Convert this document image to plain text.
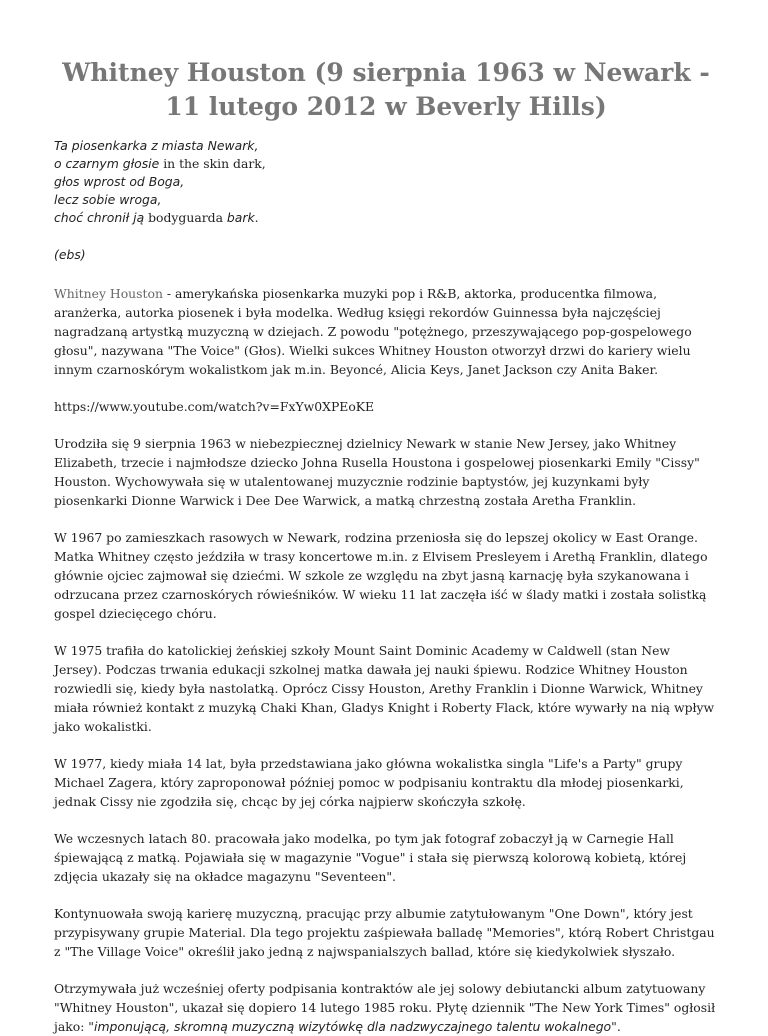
Whitney Houston (9 sierpnia 1963 w Newark - 11 lutego 2012 w Beverly Hills)
Ta piosenkarka z miasta Newark,
o czarnym głosie in the skin dark,
głos wprost od Boga,
lecz sobie wroga,
choć chronił ją bodyguarda bark.
(ebs)

Whitney Houston - amerykańska piosenkarka muzyki pop i R&B, aktorka, producentka filmowa, aranżerka, autorka piosenek i była modelka. Według księgi rekordów Guinnessa była najczęściej nagradzaną artystką muzyczną w dziejach. Z powodu "potężnego, przeszywającego pop-gospelowego głosu", nazywana "The Voice" (Głos). Wielki sukces Whitney Houston otworzył drzwi do kariery wielu innym czarnoskórym wokalistkom jak m.in. Beyoncé, Alicia Keys, Janet Jackson czy Anita Baker.

https://www.youtube.com/watch?v=FxYw0XPEoKE

Urodziła się 9 sierpnia 1963 w niebezpiecznej dzielnicy Newark w stanie New Jersey, jako Whitney Elizabeth, trzecie i najmłodsze dziecko Johna Rusella Houstona i gospelowej piosenkarki Emily "Cissy" Houston. Wychowywała się w utalentowanej muzycznie rodzinie baptystów, jej kuzynkami były piosenkarki Dionne Warwick i Dee Dee Warwick, a matką chrzestną została Aretha Franklin.

W 1967 po zamieszkach rasowych w Newark, rodzina przeniosła się do lepszej okolicy w East Orange. Matka Whitney często jeździła w trasy koncertowe m.in. z Elvisem Presleyem i Arethą Franklin, dlatego głównie ojciec zajmował się dziećmi. W szkole ze względu na zbyt jasną karnację była szykanowana i odrzucana przez czarnoskórych rówieśników. W wieku 11 lat zaczęła iść w ślady matki i została solistką gospel dziecięcego chóru.

W 1975 trafiła do katolickiej żeńskiej szkoły Mount Saint Dominic Academy w Caldwell (stan New Jersey). Podczas trwania edukacji szkolnej matka dawała jej nauki śpiewu. Rodzice Whitney Houston rozwiedli się, kiedy była nastolatką. Oprócz Cissy Houston, Arethy Franklin i Dionne Warwick, Whitney miała również kontakt z muzyką Chaki Khan, Gladys Knight i Roberty Flack, które wywarły na nią wpływ jako wokalistki.

W 1977, kiedy miała 14 lat, była przedstawiana jako główna wokalistka singla "Life's a Party" grupy Michael Zagera, który zaproponował później pomoc w podpisaniu kontraktu dla młodej piosenkarki, jednak Cissy nie zgodziła się, chcąc by jej córka najpierw skończyła szkołę.

We wczesnych latach 80. pracowała jako modelka, po tym jak fotograf zobaczył ją w Carnegie Hall śpiewającą z matką. Pojawiała się w magazynie "Vogue" i stała się pierwszą kolorową kobietą, której zdjęcia ukazały się na okładce magazynu "Seventeen".

Kontynuowała swoją karierę muzyczną, pracując przy albumie zatytułowanym "One Down", który jest przypisywany grupie Material. Dla tego projektu zaśpiewała balladę "Memories", którą Robert Christgau z "The Village Voice" określił jako jedną z najwspanialszych ballad, które się kiedykolwiek słyszało.

Otrzymywała już wcześniej oferty podpisania kontraktów ale jej solowy debiutancki album zatytuowany "Whitney Houston", ukazał się dopiero 14 lutego 1985 roku. Płytę dziennik "The New York Times" ogłosił jako: "imponującą, skromną muzyczną wizytówkę dla nadzwyczajnego talentu wokalnego".
